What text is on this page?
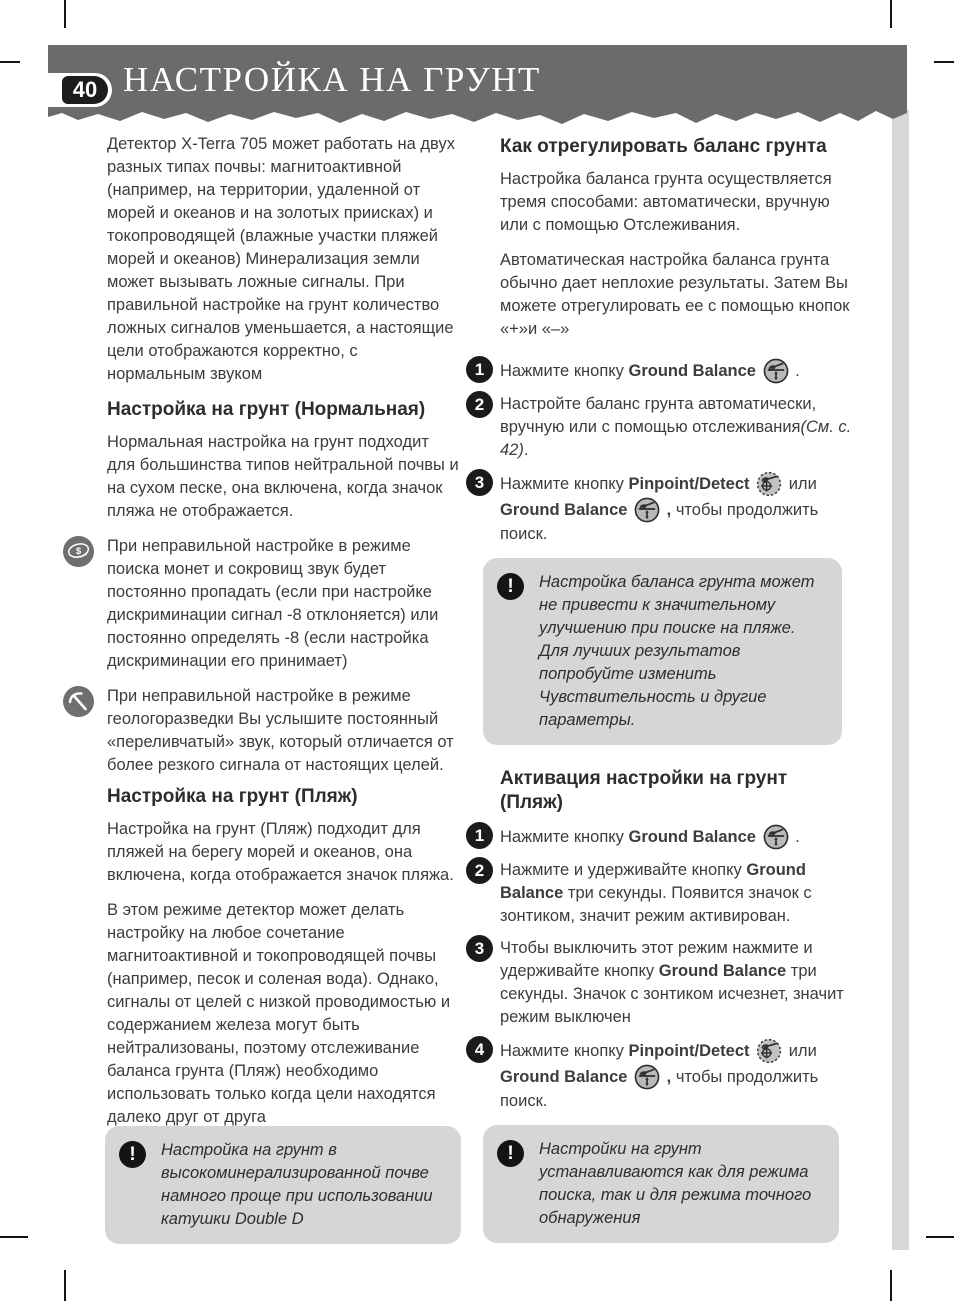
40 НАСТРОЙКА НА ГРУНТ

Детектор X-Terra 705 может работать на двух разных типах почвы: магнитоактивной (например, на территории, удаленной от морей и океанов и на золотых приисках) и токопроводящей (влажные участки пляжей морей и океанов) Минерализация земли может вызывать ложные сигналы. При правильной настройке на грунт количество ложных сигналов уменьшается, а настоящие цели отображаются корректно, с нормальным звуком

Настройка на грунт (Нормальная)

Нормальная настройка на грунт подходит для большинства типов нейтральной почвы и на сухом песке, она включена, когда значок пляжа не отображается.

$ При неправильной настройке в режиме поиска монет и сокровищ звук будет постоянно пропадать (если при настройке дискриминации сигнал -8 отклоняется) или постоянно определять -8 (если настройка дискриминации его принимает)

При неправильной настройке в режиме геологоразведки Вы услышите постоянный «переливчатый» звук, который отличается от более резкого сигнала от настоящих целей.

Настройка на грунт (Пляж)

Настройка на грунт (Пляж) подходит для пляжей на берегу морей и океанов, она включена, когда отображается значок пляжа.

В этом режиме детектор может делать настройку на любое сочетание магнитоактивной и токопроводящей почвы (например, песок и соленая вода). Однако, сигналы от целей с низкой проводимостью и содержанием железа могут быть нейтрализованы, поэтому отслеживание баланса грунта (Пляж) необходимо использовать только когда цели находятся далеко друг от друга

Как отрегулировать баланс грунта

Настройка баланса грунта осуществляется тремя способами: автоматически, вручную или с помощью Отслеживания.

Автоматическая настройка баланса грунта обычно дает неплохие результаты. Затем Вы можете отрегулировать ее с помощью кнопок «+»и «–»

1 Нажмите кнопку Ground Balance .
2 Настройте баланс грунта автоматически, вручную или с помощью отслеживания(См. с. 42).
3 Нажмите кнопку Pinpoint/Detect  или Ground Balance , чтобы продолжить поиск.
!	Настройка баланса грунта может не привести к значительному улучшению при поиске на пляже. Для лучших результатов попробуйте изменить Чувствительность и другие параметры.
Активация настройки на грунт (Пляж)
1 Нажмите кнопку Ground Balance .
2 Нажмите и удерживайте кнопку Ground Balance три секунды. Появится значок с зонтиком, значит режим активирован.
3 Чтобы выключить этот режим нажмите и удерживайте кнопку Ground Balance три секунды. Значок с зонтиком исчезнет, значит режим выключен
4 Нажмите кнопку Pinpoint/Detect  или Ground Balance , чтобы продолжить поиск.
!	Настройка на грунт в высокоминерализированной почве намного проще при использовании катушки Double D
!	Настройки на грунт устанавливаются как для режима поиска, так и для режима точного обнаружения
